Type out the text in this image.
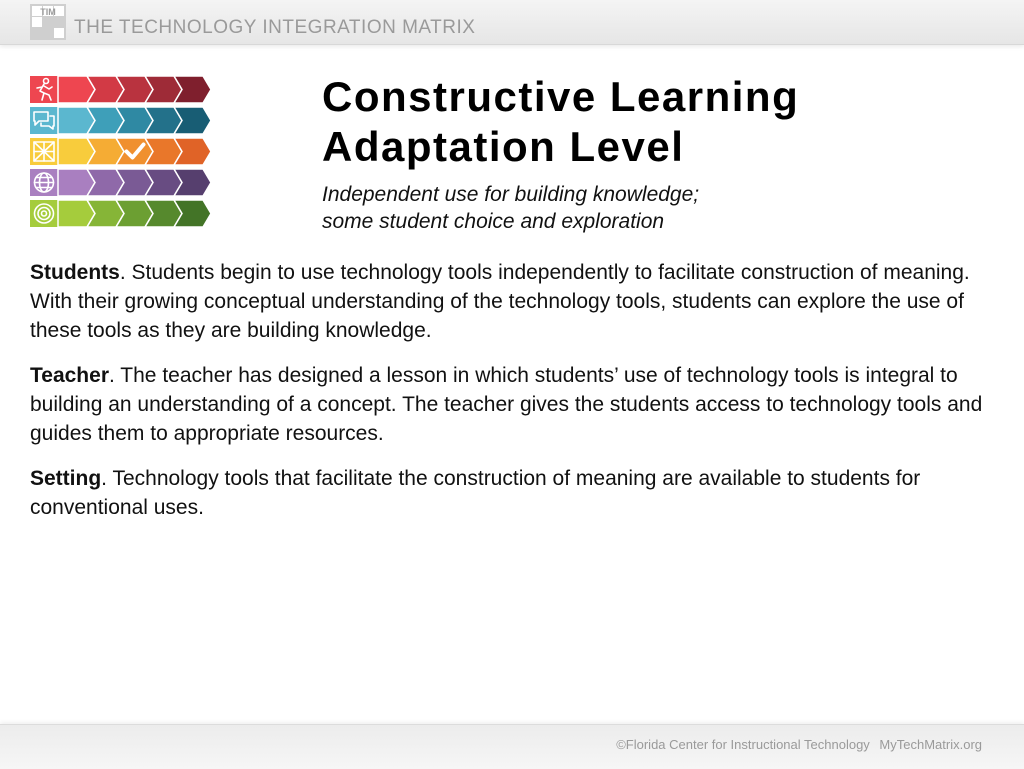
TIM
THE TECHNOLOGY INTEGRATION MATRIX
Constructive Learning
Adaptation Level
Independent use for building knowledge;
some student choice and exploration

Students. Students begin to use technology tools independently to facilitate construction of meaning. With their growing conceptual understanding of the technology tools, students can explore the use of these tools as they are building knowledge.

Teacher. The teacher has designed a lesson in which students’ use of technology tools is integral to building an understanding of a concept. The teacher gives the students access to technology tools and guides them to appropriate resources.

Setting. Technology tools that facilitate the construction of meaning are available to students for conventional uses.

©Florida Center for Instructional Technology MyTechMatrix.org
